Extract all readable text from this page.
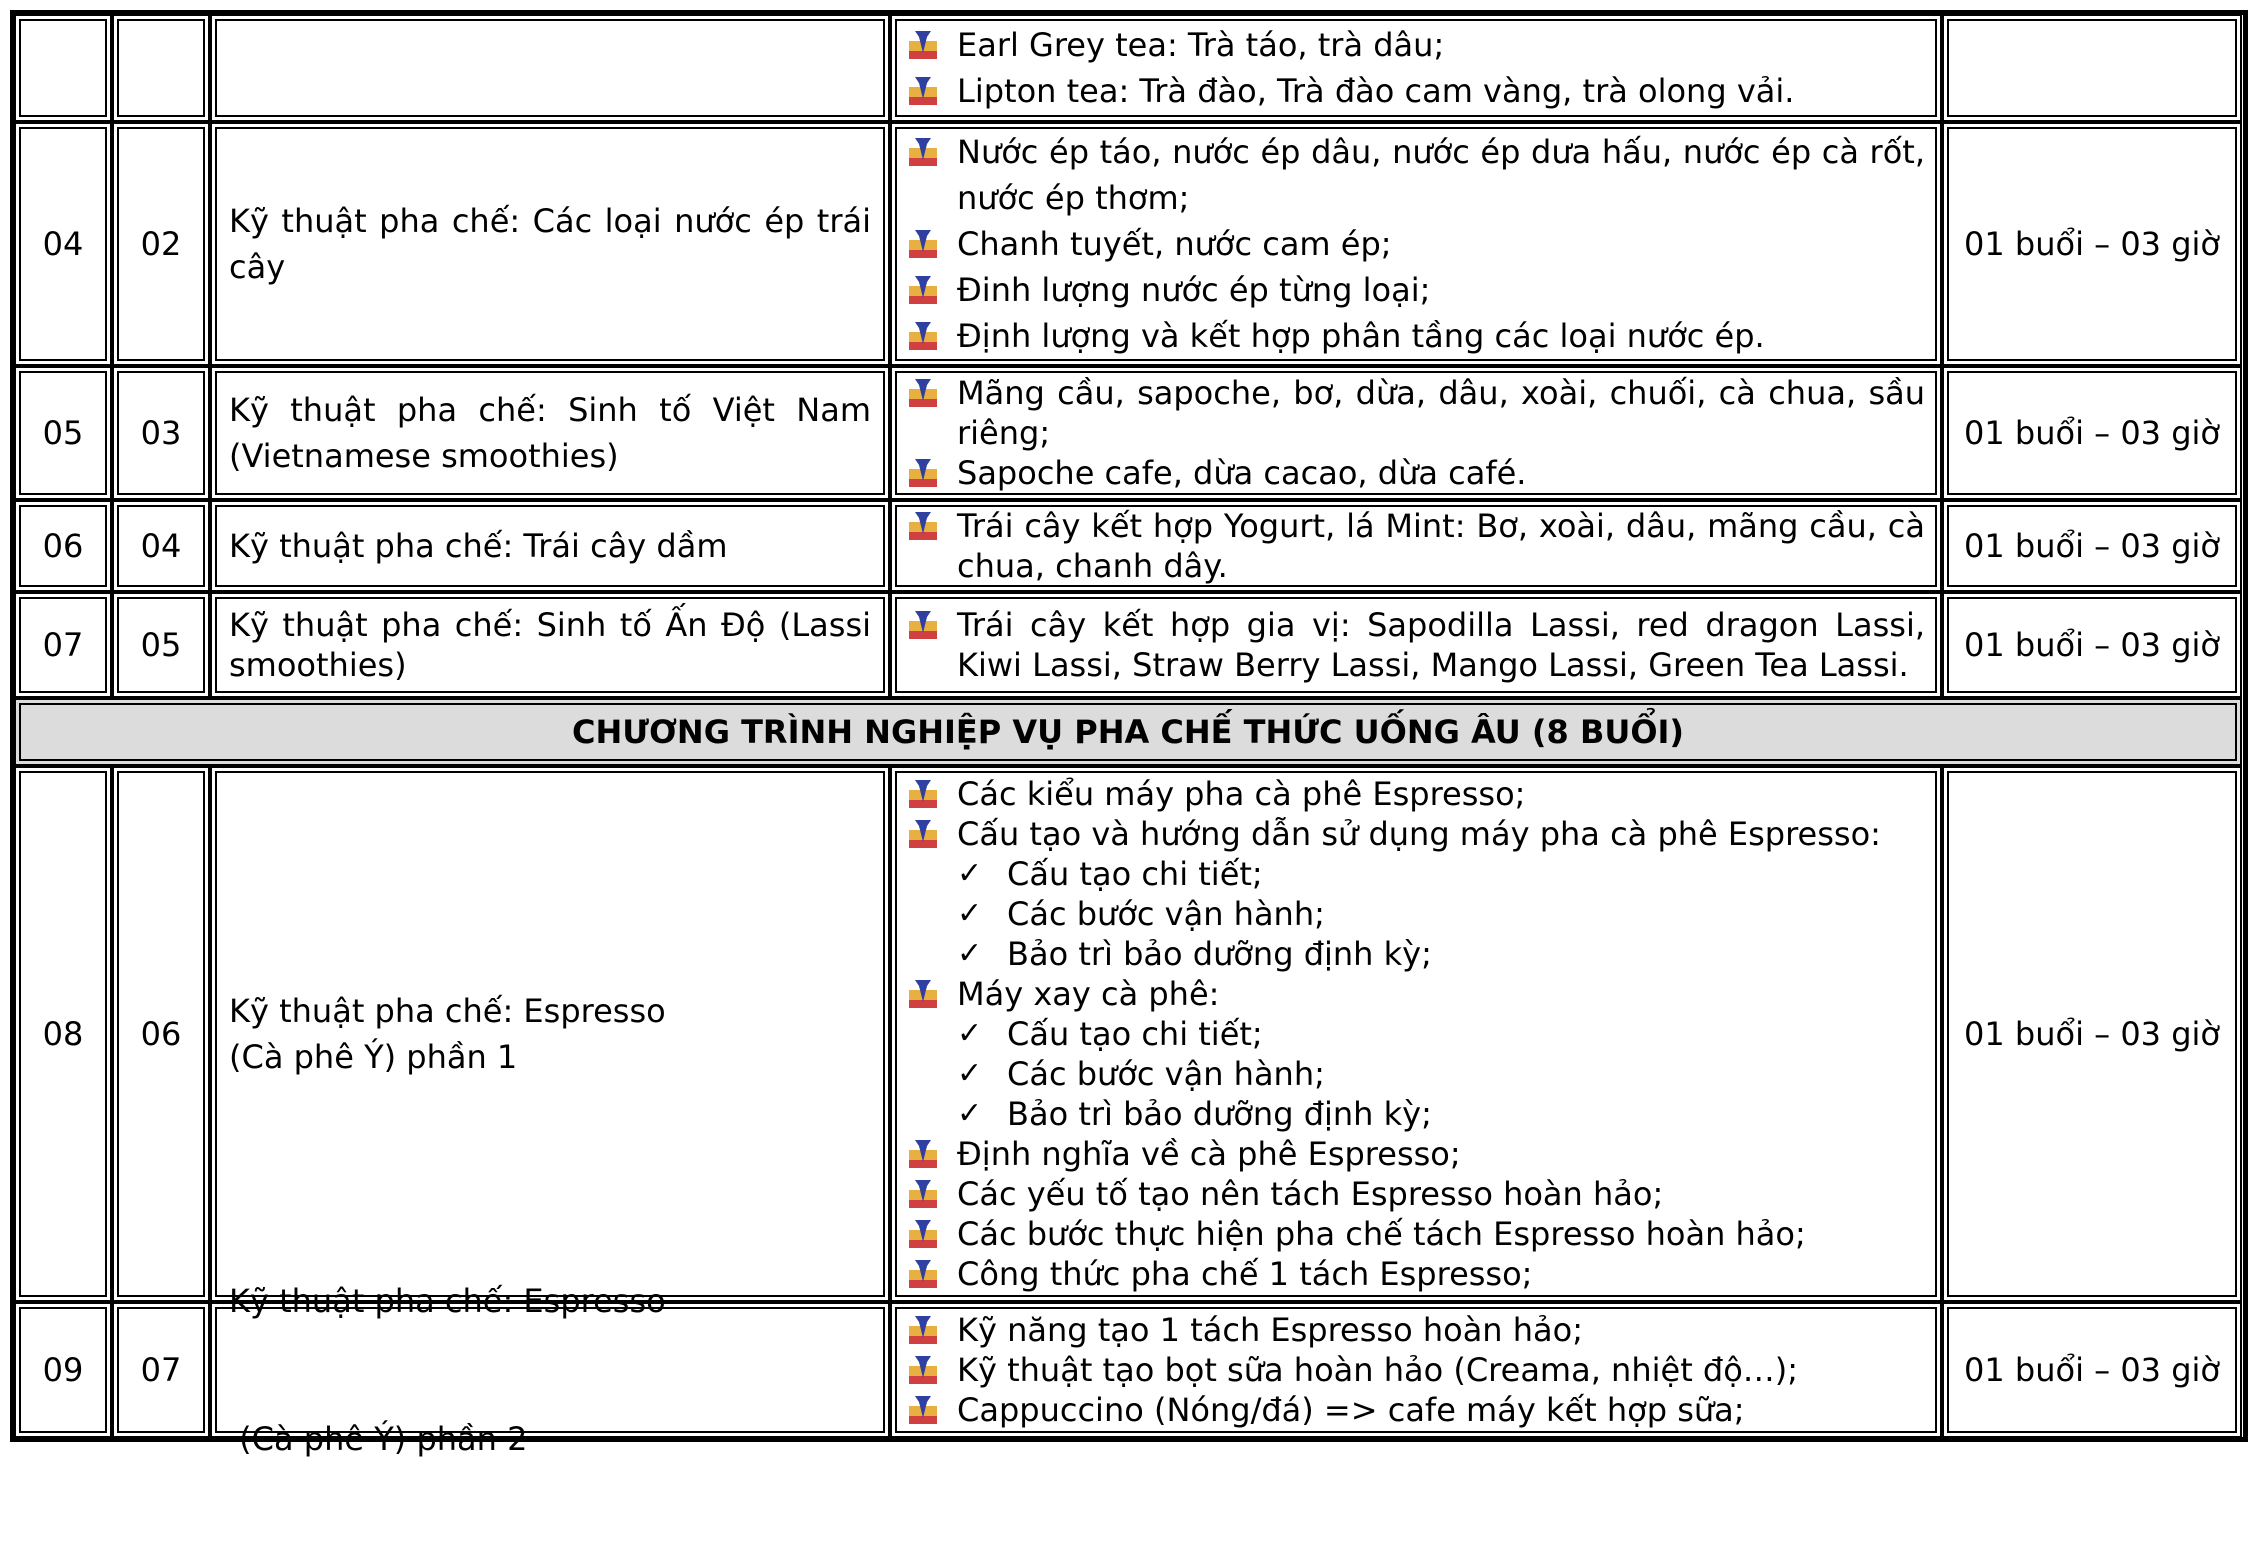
Earl Grey tea: Trà táo, trà dâu;
Lipton tea: Trà đào, Trà đào cam vàng, trà olong vải.
04 02
Kỹ thuật pha chế: Các loại nước ép trái cây
Nước ép táo, nước ép dâu, nước ép dưa hấu, nước ép cà rốt, nước ép thơm;
Chanh tuyết, nước cam ép;
Đinh lượng nước ép từng loại;
Định lượng và kết hợp phân tầng các loại nước ép.
01 buổi – 03 giờ
05 03
Kỹ thuật pha chế: Sinh tố Việt Nam (Vietnamese smoothies)
Mãng cầu, sapoche, bơ, dừa, dâu, xoài, chuối, cà chua, sầu riêng;
Sapoche cafe, dừa cacao, dừa café.
01 buổi – 03 giờ
06 04 Kỹ thuật pha chế: Trái cây dầm
Trái cây kết hợp Yogurt, lá Mint: Bơ, xoài, dâu, mãng cầu, cà chua, chanh dây.
01 buổi – 03 giờ
07 05
Kỹ thuật pha chế: Sinh tố Ấn Độ (Lassi smoothies)
Trái cây kết hợp gia vị: Sapodilla Lassi, red dragon Lassi, Kiwi Lassi, Straw Berry Lassi, Mango Lassi, Green Tea Lassi.
01 buổi – 03 giờ
CHƯƠNG TRÌNH NGHIỆP VỤ PHA CHẾ THỨC UỐNG ÂU (8 BUỔI)
08 06
Kỹ thuật pha chế: Espresso
(Cà phê Ý) phần 1
Các kiểu máy pha cà phê Espresso;
Cấu tạo và hướng dẫn sử dụng máy pha cà phê Espresso:
✓ Cấu tạo chi tiết;
✓ Các bước vận hành;
✓ Bảo trì bảo dưỡng định kỳ;
Máy xay cà phê:
✓ Cấu tạo chi tiết;
✓ Các bước vận hành;
✓ Bảo trì bảo dưỡng định kỳ;
Định nghĩa về cà phê Espresso;
Các yếu tố tạo nên tách Espresso hoàn hảo;
Các bước thực hiện pha chế tách Espresso hoàn hảo;
Công thức pha chế 1 tách Espresso;
01 buổi – 03 giờ
09 07

Kỹ thuật pha chế: Espresso

(Cà phê Ý) phần 2

Kỹ năng tạo 1 tách Espresso hoàn hảo;
Kỹ thuật tạo bọt sữa hoàn hảo (Creama, nhiệt độ…);
Cappuccino (Nóng/đá) => cafe máy kết hợp sữa;
01 buổi – 03 giờ
